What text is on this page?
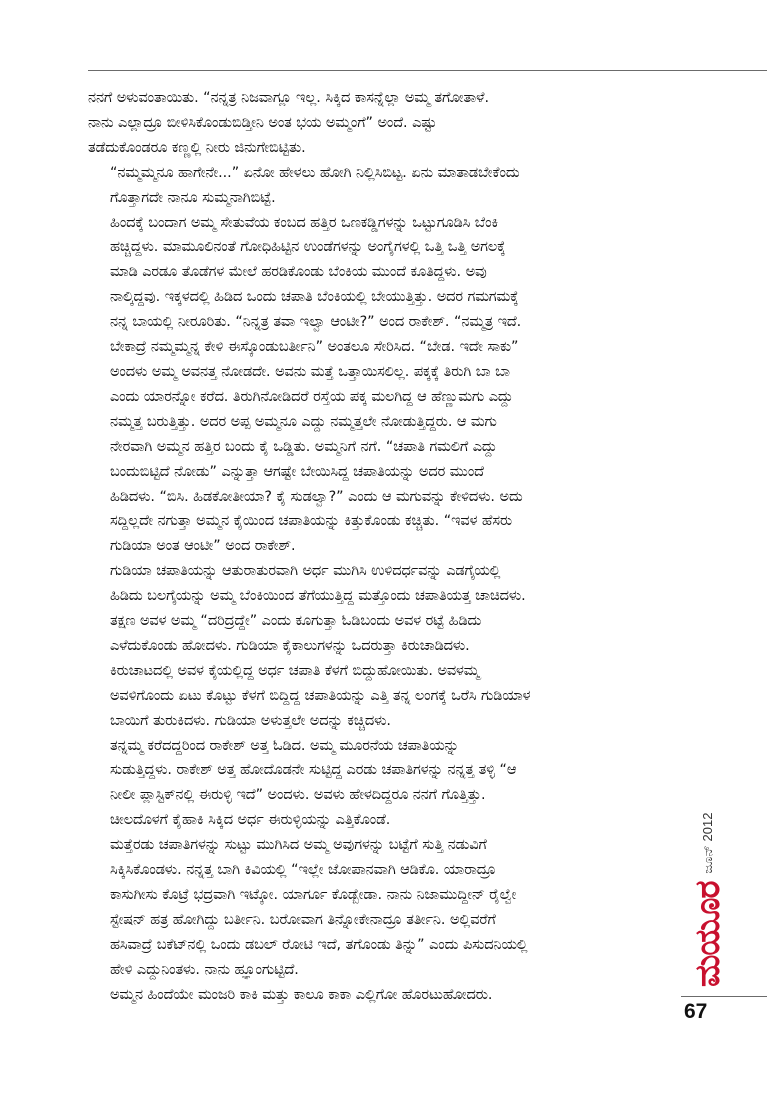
ನನಗೆ ಅಳುವಂತಾಯಿತು. “ನನ್ನತ್ರ ನಿಜವಾಗ್ಲೂ ಇಲ್ಲ. ಸಿಕ್ಕಿದ ಕಾಸನ್ನೆಲ್ಲಾ ಅಮ್ಮ ತಗೋತಾಳೆ.
ನಾನು ಎಲ್ಲಾದ್ರೂ ಬೀಳಿಸಿಕೊಂಡುಬಿಡ್ತೀನಿ ಅಂತ ಭಯ ಅಮ್ಮಂಗೆ” ಅಂದೆ. ಎಷ್ಟು
ತಡೆದುಕೊಂಡರೂ ಕಣ್ಣಲ್ಲಿ ನೀರು ಜಿನುಗೇಬಿಟ್ಟಿತು.

“ನಮ್ಮಮ್ಮನೂ ಹಾಗೇನೇ...” ಏನೋ ಹೇಳಲು ಹೋಗಿ ನಿಲ್ಲಿಸಿಬಿಟ್ಟ. ಏನು ಮಾತಾಡಬೇಕೆಂದು
ಗೊತ್ತಾಗದೇ ನಾನೂ ಸುಮ್ಮನಾಗಿಬಿಟ್ಟೆ.

ಹಿಂದಕ್ಕೆ ಬಂದಾಗ ಅಮ್ಮ ಸೇತುವೆಯ ಕಂಬದ ಹತ್ತಿರ ಒಣಕಡ್ಡಿಗಳನ್ನು ಒಟ್ಟುಗೂಡಿಸಿ ಬೆಂಕಿ
ಹಚ್ಚಿದ್ದಳು. ಮಾಮೂಲಿನಂತೆ ಗೋಧಿಹಿಟ್ಟಿನ ಉಂಡೆಗಳನ್ನು ಅಂಗೈಗಳಲ್ಲಿ ಒತ್ತಿ ಒತ್ತಿ ಅಗಲಕ್ಕೆ
ಮಾಡಿ ಎರಡೂ ತೊಡೆಗಳ ಮೇಲೆ ಹರಡಿಕೊಂಡು ಬೆಂಕಿಯ ಮುಂದೆ ಕೂತಿದ್ದಳು. ಅವು
ನಾಲ್ಕಿದ್ದವು. ಇಕ್ಕಳದಲ್ಲಿ ಹಿಡಿದ ಒಂದು ಚಪಾತಿ ಬೆಂಕಿಯಲ್ಲಿ ಬೇಯುತ್ತಿತ್ತು. ಅದರ ಗಮಗಮಕ್ಕೆ
ನನ್ನ ಬಾಯಲ್ಲಿ ನೀರೂರಿತು. “ನಿನ್ನತ್ರ ತವಾ ಇಲ್ವಾ ಆಂಟೀ?” ಅಂದ ರಾಕೇಶ್. “ನಮ್ಮತ್ರ ಇದೆ.
ಬೇಕಾದ್ರೆ ನಮ್ಮಮ್ಮನ್ನ ಕೇಳಿ ಈಸ್ಕೊಂಡುಬರ್ತೀನಿ” ಅಂತಲೂ ಸೇರಿಸಿದ. “ಬೇಡ. ಇದೇ ಸಾಕು”
ಅಂದಳು ಅಮ್ಮ ಅವನತ್ತ ನೋಡದೇ. ಅವನು ಮತ್ತೆ ಒತ್ತಾಯಿಸಲಿಲ್ಲ. ಪಕ್ಕಕ್ಕೆ ತಿರುಗಿ ಬಾ ಬಾ
ಎಂದು ಯಾರನ್ನೋ ಕರೆದ. ತಿರುಗಿನೋಡಿದರೆ ರಸ್ತೆಯ ಪಕ್ಕ ಮಲಗಿದ್ದ ಆ ಹೆಣ್ಣುಮಗು ಎದ್ದು
ನಮ್ಮತ್ತ ಬರುತ್ತಿತ್ತು. ಅದರ ಅಪ್ಪ ಅಮ್ಮನೂ ಎದ್ದು ನಮ್ಮತ್ತಲೇ ನೋಡುತ್ತಿದ್ದರು. ಆ ಮಗು
ನೇರವಾಗಿ ಅಮ್ಮನ ಹತ್ತಿರ ಬಂದು ಕೈ ಒಡ್ಡಿತು. ಅಮ್ಮನಿಗೆ ನಗೆ. “ಚಪಾತಿ ಗಮಲಿಗೆ ಎದ್ದು
ಬಂದುಬಿಟ್ಟಿದೆ ನೋಡು” ಎನ್ನುತ್ತಾ ಆಗಷ್ಟೇ ಬೇಯಿಸಿದ್ದ ಚಪಾತಿಯನ್ನು ಅದರ ಮುಂದೆ
ಹಿಡಿದಳು. “ಬಿಸಿ. ಹಿಡಕೋತೀಯಾ? ಕೈ ಸುಡಲ್ವಾ?” ಎಂದು ಆ ಮಗುವನ್ನು ಕೇಳಿದಳು. ಅದು
ಸದ್ದಿಲ್ಲದೇ ನಗುತ್ತಾ ಅಮ್ಮನ ಕೈಯಿಂದ ಚಪಾತಿಯನ್ನು ಕಿತ್ತುಕೊಂಡು ಕಚ್ಚಿತು. “ಇವಳ ಹೆಸರು
ಗುಡಿಯಾ ಅಂತ ಆಂಟೀ” ಅಂದ ರಾಕೇಶ್.

ಗುಡಿಯಾ ಚಪಾತಿಯನ್ನು ಆತುರಾತುರವಾಗಿ ಅರ್ಧ ಮುಗಿಸಿ ಉಳಿದರ್ಧವನ್ನು ಎಡಗೈಯಲ್ಲಿ
ಹಿಡಿದು ಬಲಗೈಯನ್ನು ಅಮ್ಮ ಬೆಂಕಿಯಿಂದ ತೆಗೆಯುತ್ತಿದ್ದ ಮತ್ತೊಂದು ಚಪಾತಿಯತ್ತ ಚಾಚಿದಳು.
ತಕ್ಷಣ ಅವಳ ಅಮ್ಮ “ದರಿದ್ರದ್ದೇ” ಎಂದು ಕೂಗುತ್ತಾ ಓಡಿಬಂದು ಅವಳ ರಟ್ಟೆ ಹಿಡಿದು
ಎಳೆದುಕೊಂಡು ಹೋದಳು. ಗುಡಿಯಾ ಕೈಕಾಲುಗಳನ್ನು ಒದರುತ್ತಾ ಕಿರುಚಾಡಿದಳು.
ಕಿರುಚಾಟದಲ್ಲಿ ಅವಳ ಕೈಯಲ್ಲಿದ್ದ ಅರ್ಧ ಚಪಾತಿ ಕೆಳಗೆ ಬಿದ್ದುಹೋಯಿತು. ಅವಳಮ್ಮ
ಅವಳಿಗೊಂದು ಏಟು ಕೊಟ್ಟು ಕೆಳಗೆ ಬಿದ್ದಿದ್ದ ಚಪಾತಿಯನ್ನು ಎತ್ತಿ ತನ್ನ ಲಂಗಕ್ಕೆ ಒರೆಸಿ ಗುಡಿಯಾಳ
ಬಾಯಿಗೆ ತುರುಕಿದಳು. ಗುಡಿಯಾ ಅಳುತ್ತಲೇ ಅದನ್ನು ಕಚ್ಚಿದಳು.

ತನ್ನಮ್ಮ ಕರೆದದ್ದರಿಂದ ರಾಕೇಶ್ ಅತ್ತ ಓಡಿದ. ಅಮ್ಮ ಮೂರನೆಯ ಚಪಾತಿಯನ್ನು
ಸುಡುತ್ತಿದ್ದಳು. ರಾಕೇಶ್ ಅತ್ತ ಹೋದೊಡನೇ ಸುಟ್ಟಿದ್ದ ಎರಡು ಚಪಾತಿಗಳನ್ನು ನನ್ನತ್ತ ತಳ್ಳಿ “ಆ
ನೀಲೀ ಪ್ಲಾಸ್ಟಿಕ್‌ನಲ್ಲಿ ಈರುಳ್ಳಿ ಇದೆ” ಅಂದಳು. ಅವಳು ಹೇಳದಿದ್ದರೂ ನನಗೆ ಗೊತ್ತಿತ್ತು.
ಚೀಲದೊಳಗೆ ಕೈಹಾಕಿ ಸಿಕ್ಕಿದ ಅರ್ಧ ಈರುಳ್ಳಿಯನ್ನು ಎತ್ತಿಕೊಂಡೆ.

ಮತ್ತೆರಡು ಚಪಾತಿಗಳನ್ನು ಸುಟ್ಟು ಮುಗಿಸಿದ ಅಮ್ಮ ಅವುಗಳನ್ನು ಬಟ್ಟೆಗೆ ಸುತ್ತಿ ನಡುವಿಗೆ
ಸಿಕ್ಕಿಸಿಕೊಂಡಳು. ನನ್ನತ್ತ ಬಾಗಿ ಕಿವಿಯಲ್ಲಿ “ಇಲ್ಲೇ ಜೋಪಾನವಾಗಿ ಆಡಿಕೊ. ಯಾರಾದ್ರೂ
ಕಾಸುಗೀಸು ಕೊಟ್ರೆ ಭದ್ರವಾಗಿ ಇಟ್ಕೋ. ಯಾರ್ಗೂ ಕೊಡ್ಬೇಡಾ. ನಾನು ನಿಜಾಮುದ್ದೀನ್ ರೈಲ್ವೇ
ಸ್ಟೇಷನ್ ಹತ್ರ ಹೋಗಿದ್ದು ಬರ್ತೀನಿ. ಬರೋವಾಗ ತಿನ್ನೋಕೇನಾದ್ರೂ ತರ್ತೀನಿ. ಅಲ್ಲಿವರೆಗೆ
ಹಸಿವಾದ್ರೆ ಬಕೆಟ್‌ನಲ್ಲಿ ಒಂದು ಡಬಲ್ ರೋಟಿ ಇದೆ, ತಗೊಂಡು ತಿನ್ನು” ಎಂದು ಪಿಸುದನಿಯಲ್ಲಿ
ಹೇಳಿ ಎದ್ದುನಿಂತಳು. ನಾನು ಹ್ಞೂಂಗುಟ್ಟಿದೆ.

ಅಮ್ಮನ ಹಿಂದೆಯೇ ಮಂಜರಿ ಕಾಕಿ ಮತ್ತು ಕಾಲೂ ಕಾಕಾ ಎಲ್ಲಿಗೋ ಹೊರಟುಹೋದರು.

ಮಯೂರ
ಜೂನ್ 2012
67
